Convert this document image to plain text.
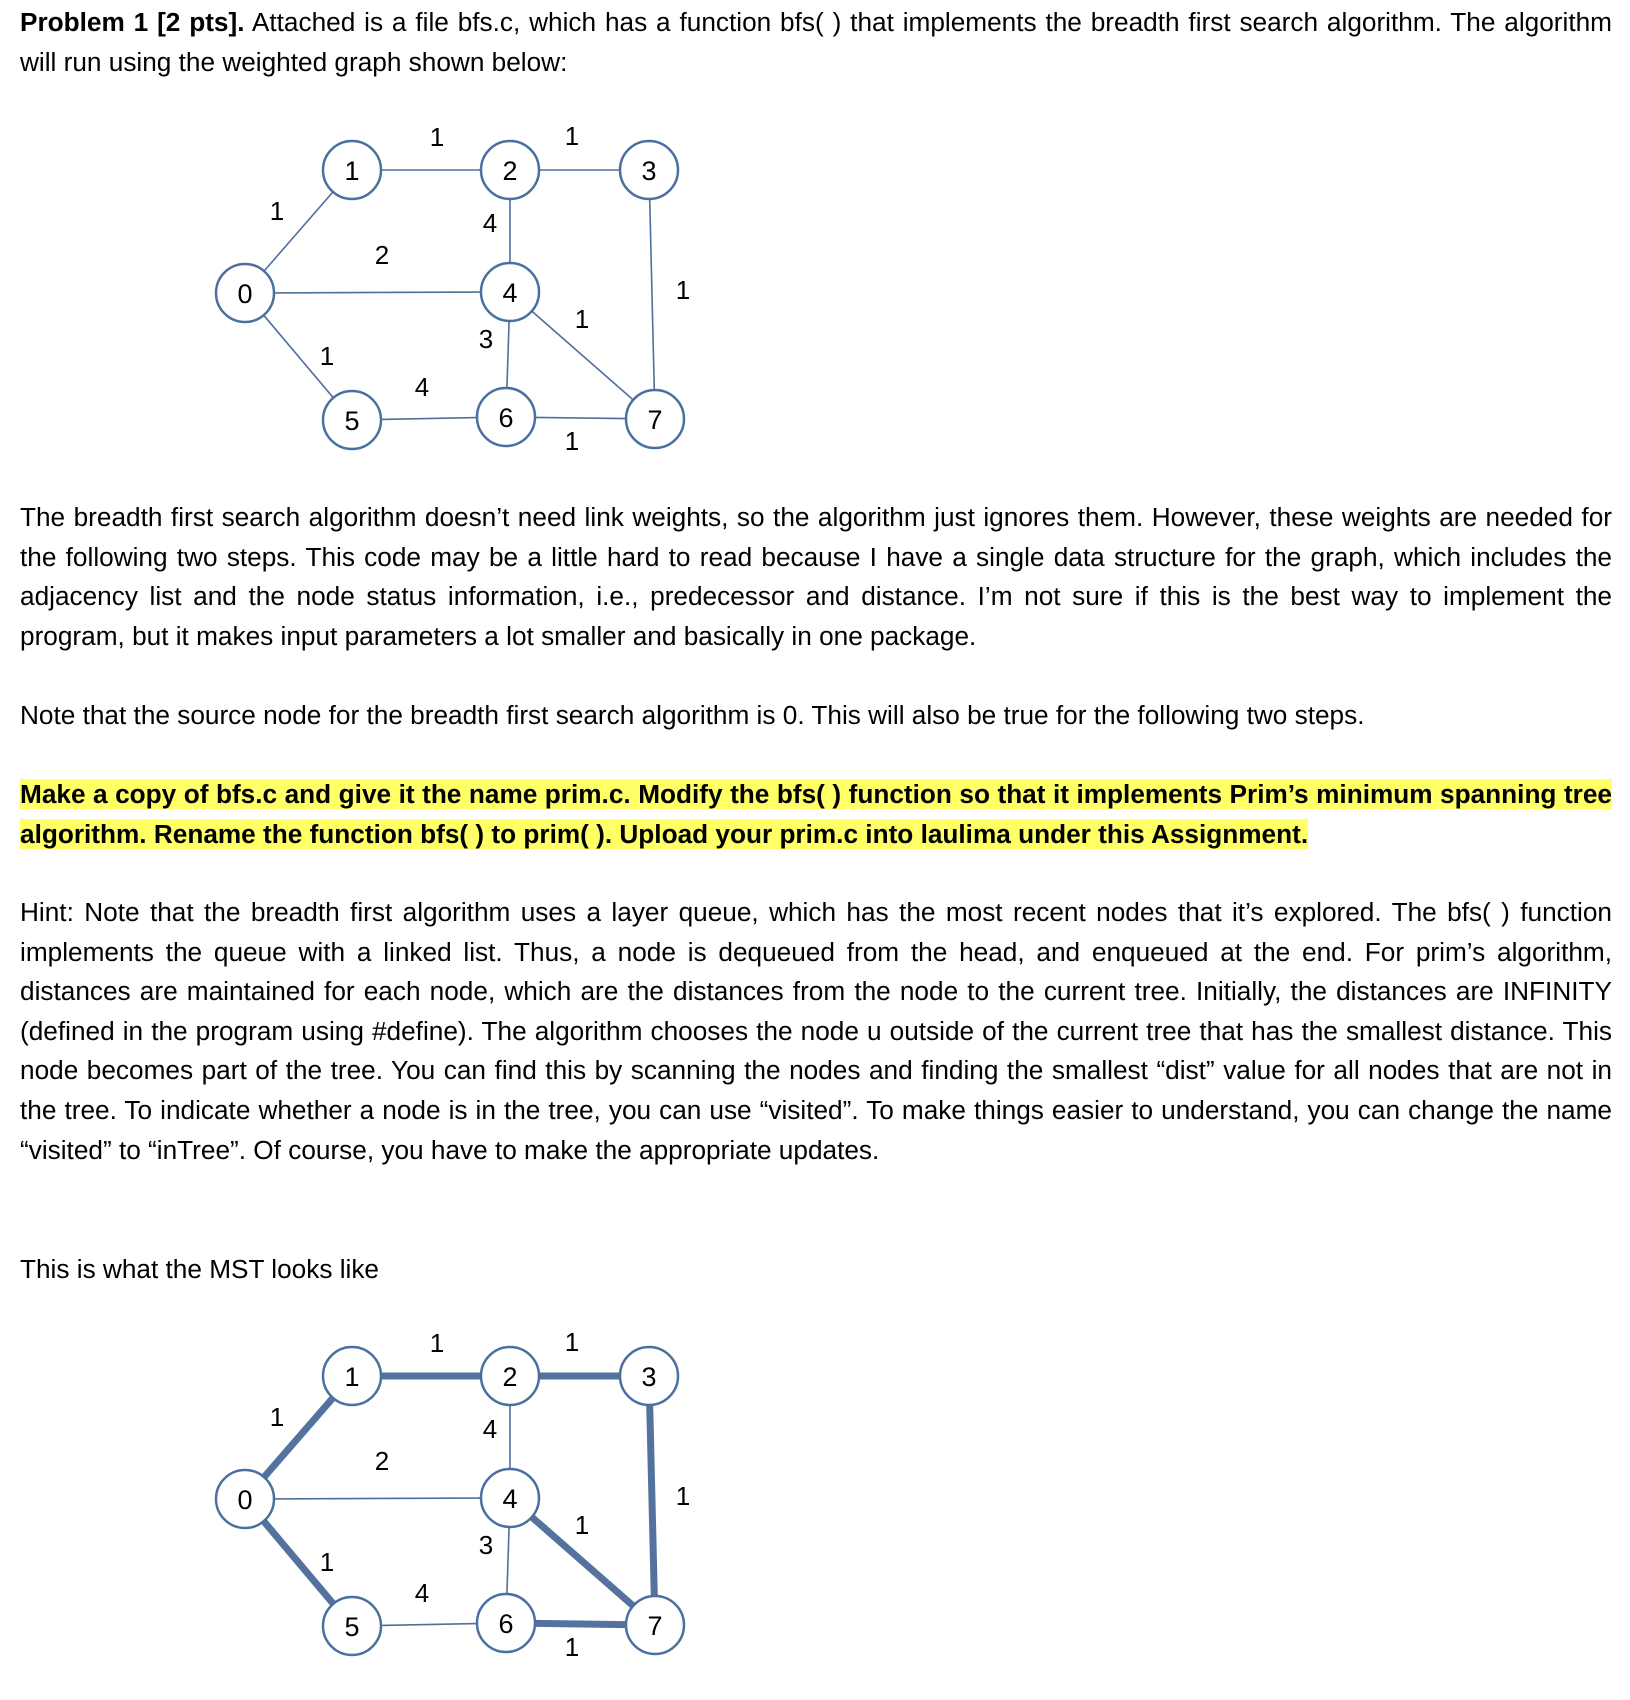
Problem 1 [2 pts]. Attached is a file bfs.c, which has a function bfs( ) that implements the breadth first search algorithm. The algorithm will run using the weighted graph shown below:

1
2
1
1	1
4
1
3
1
4
1
0
1	2	3
4
5	6	7

The breadth first search algorithm doesn’t need link weights, so the algorithm just ignores them. However, these weights are needed for the following two steps. This code may be a little hard to read because I have a single data structure for the graph, which includes the adjacency list and the node status information, i.e., predecessor and distance. I’m not sure if this is the best way to implement the program, but it makes input parameters a lot smaller and basically in one package.

Note that the source node for the breadth first search algorithm is 0. This will also be true for the following two steps.

Make a copy of bfs.c and give it the name prim.c. Modify the bfs( ) function so that it implements Prim’s minimum spanning tree algorithm. Rename the function bfs( ) to prim( ). Upload your prim.c into laulima under this Assignment.

Hint: Note that the breadth first algorithm uses a layer queue, which has the most recent nodes that it’s explored. The bfs( ) function implements the queue with a linked list. Thus, a node is dequeued from the head, and enqueued at the end. For prim’s algorithm, distances are maintained for each node, which are the distances from the node to the current tree. Initially, the distances are INFINITY (defined in the program using #define). The algorithm chooses the node u outside of the current tree that has the smallest distance. This node becomes part of the tree. You can find this by scanning the nodes and finding the smallest “dist” value for all nodes that are not in the tree. To indicate whether a node is in the tree, you can use “visited”. To make things easier to understand, you can change the name “visited” to “inTree”. Of course, you have to make the appropriate updates.

This is what the MST looks like

1
2
1
1	1
4
1
3
1
4
1
0
1	2	3
4
5	6	7
